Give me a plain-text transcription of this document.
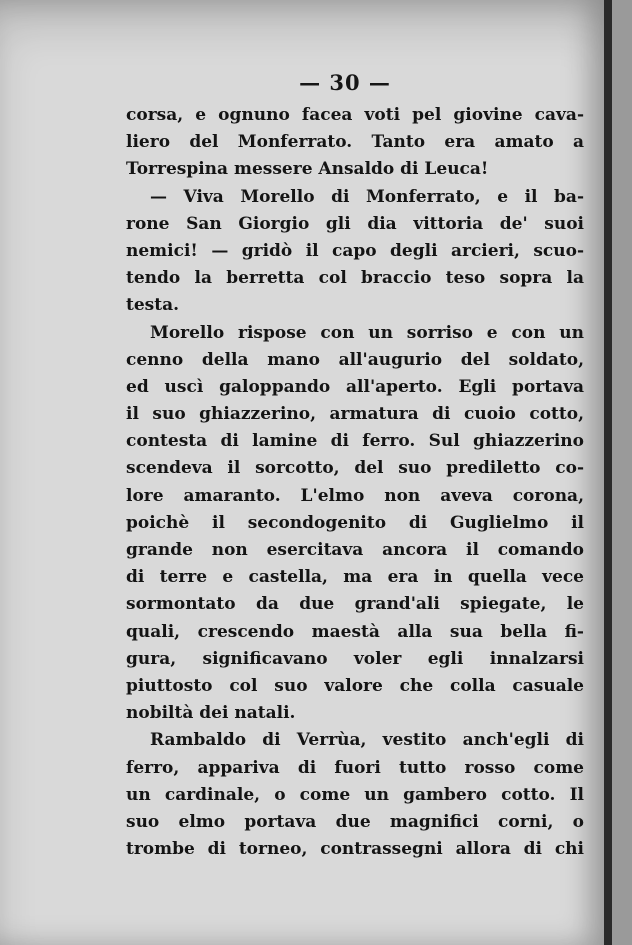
— 30 —
corsa, e ognuno facea voti pel giovine cava-
liero del Monferrato. Tanto era amato a
Torrespina messere Ansaldo di Leuca!
— Viva Morello di Monferrato, e il ba-
rone San Giorgio gli dia vittoria de' suoi
nemici! — gridò il capo degli arcieri, scuo-
tendo la berretta col braccio teso sopra la
testa.
Morello rispose con un sorriso e con un
cenno della mano all'augurio del soldato,
ed uscì galoppando all'aperto. Egli portava
il suo ghiazzerino, armatura di cuoio cotto,
contesta di lamine di ferro. Sul ghiazzerino
scendeva il sorcotto, del suo prediletto co-
lore amaranto. L'elmo non aveva corona,
poichè il secondogenito di Guglielmo il
grande non esercitava ancora il comando
di terre e castella, ma era in quella vece
sormontato da due grand'ali spiegate, le
quali, crescendo maestà alla sua bella fi-
gura, significavano voler egli innalzarsi
piuttosto col suo valore che colla casuale
nobiltà dei natali.
Rambaldo di Verrùa, vestito anch'egli di
ferro, appariva di fuori tutto rosso come
un cardinale, o come un gambero cotto. Il
suo elmo portava due magnifici corni, o
trombe di torneo, contrassegni allora di chi
